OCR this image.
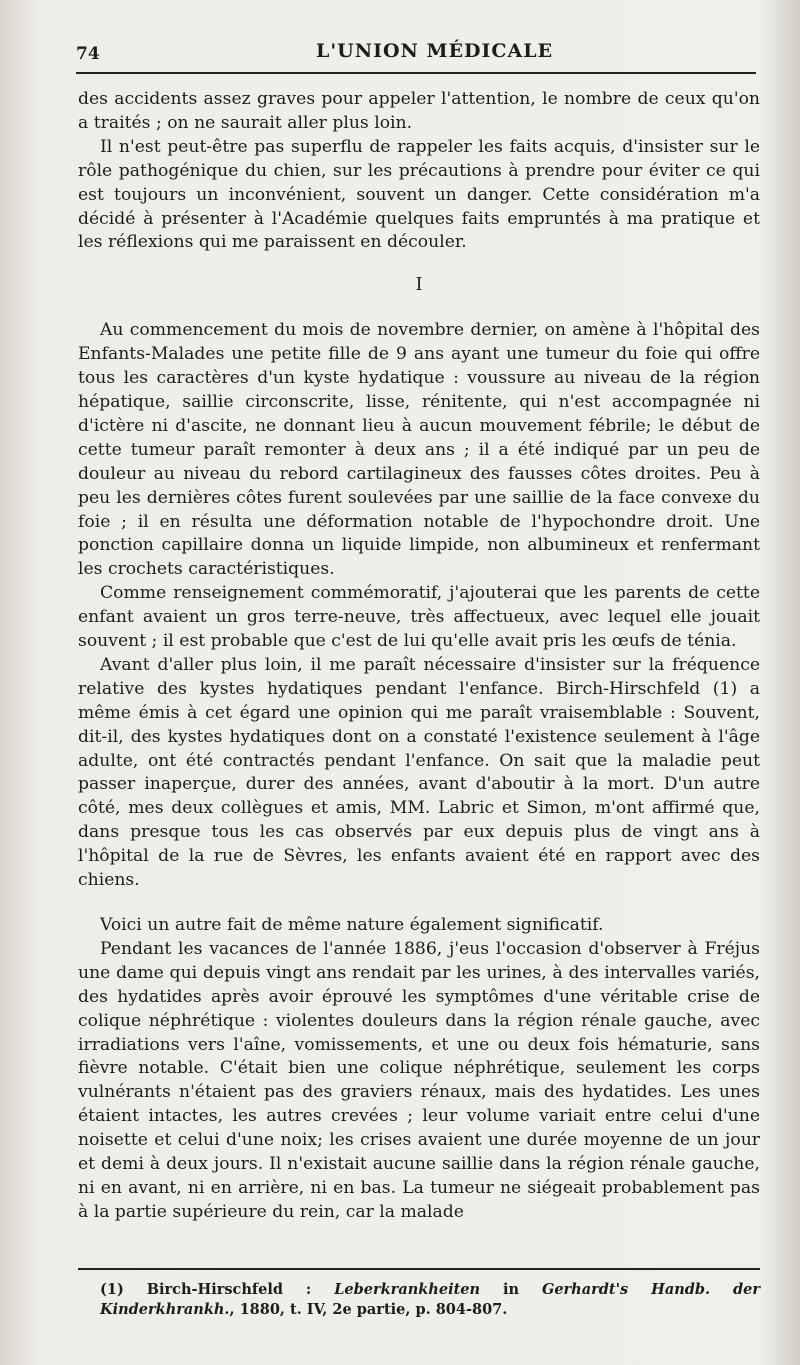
74	L'UNION MÉDICALE

des accidents assez graves pour appeler l'attention, le nombre de ceux qu'on a traités ; on ne saurait aller plus loin.

Il n'est peut-être pas superflu de rappeler les faits acquis, d'insister sur le rôle pathogénique du chien, sur les précautions à prendre pour éviter ce qui est toujours un inconvénient, souvent un danger. Cette considération m'a décidé à présenter à l'Académie quelques faits empruntés à ma pratique et les réflexions qui me paraissent en découler.

I

Au commencement du mois de novembre dernier, on amène à l'hôpital des Enfants-Malades une petite fille de 9 ans ayant une tumeur du foie qui offre tous les caractères d'un kyste hydatique : voussure au niveau de la région hépatique, saillie circonscrite, lisse, rénitente, qui n'est accompagnée ni d'ictère ni d'ascite, ne donnant lieu à aucun mouvement fébrile; le début de cette tumeur paraît remonter à deux ans ; il a été indiqué par un peu de douleur au niveau du rebord cartilagineux des fausses côtes droites. Peu à peu les dernières côtes furent soulevées par une saillie de la face convexe du foie ; il en résulta une déformation notable de l'hypochondre droit. Une ponction capillaire donna un liquide limpide, non albumineux et renfermant les crochets caractéristiques.

Comme renseignement commémoratif, j'ajouterai que les parents de cette enfant avaient un gros terre-neuve, très affectueux, avec lequel elle jouait souvent ; il est probable que c'est de lui qu'elle avait pris les œufs de ténia.

Avant d'aller plus loin, il me paraît nécessaire d'insister sur la fréquence relative des kystes hydatiques pendant l'enfance. Birch-Hirschfeld (1) a même émis à cet égard une opinion qui me paraît vraisemblable : Souvent, dit-il, des kystes hydatiques dont on a constaté l'existence seulement à l'âge adulte, ont été contractés pendant l'enfance. On sait que la maladie peut passer inaperçue, durer des années, avant d'aboutir à la mort. D'un autre côté, mes deux collègues et amis, MM. Labric et Simon, m'ont affirmé que, dans presque tous les cas observés par eux depuis plus de vingt ans à l'hôpital de la rue de Sèvres, les enfants avaient été en rapport avec des chiens.

Voici un autre fait de même nature également significatif.

Pendant les vacances de l'année 1886, j'eus l'occasion d'observer à Fréjus une dame qui depuis vingt ans rendait par les urines, à des intervalles variés, des hydatides après avoir éprouvé les symptômes d'une véritable crise de colique néphrétique : violentes douleurs dans la région rénale gauche, avec irradiations vers l'aîne, vomissements, et une ou deux fois hématurie, sans fièvre notable. C'était bien une colique néphrétique, seulement les corps vulnérants n'étaient pas des graviers rénaux, mais des hydatides. Les unes étaient intactes, les autres crevées ; leur volume variait entre celui d'une noisette et celui d'une noix; les crises avaient une durée moyenne de un jour et demi à deux jours. Il n'existait aucune saillie dans la région rénale gauche, ni en avant, ni en arrière, ni en bas. La tumeur ne siégeait probablement pas à la partie supérieure du rein, car la malade

(1) Birch-Hirschfeld : Leberkrankheiten in Gerhardt's Handb. der Kinderkhrankh., 1880, t. IV, 2e partie, p. 804-807.
